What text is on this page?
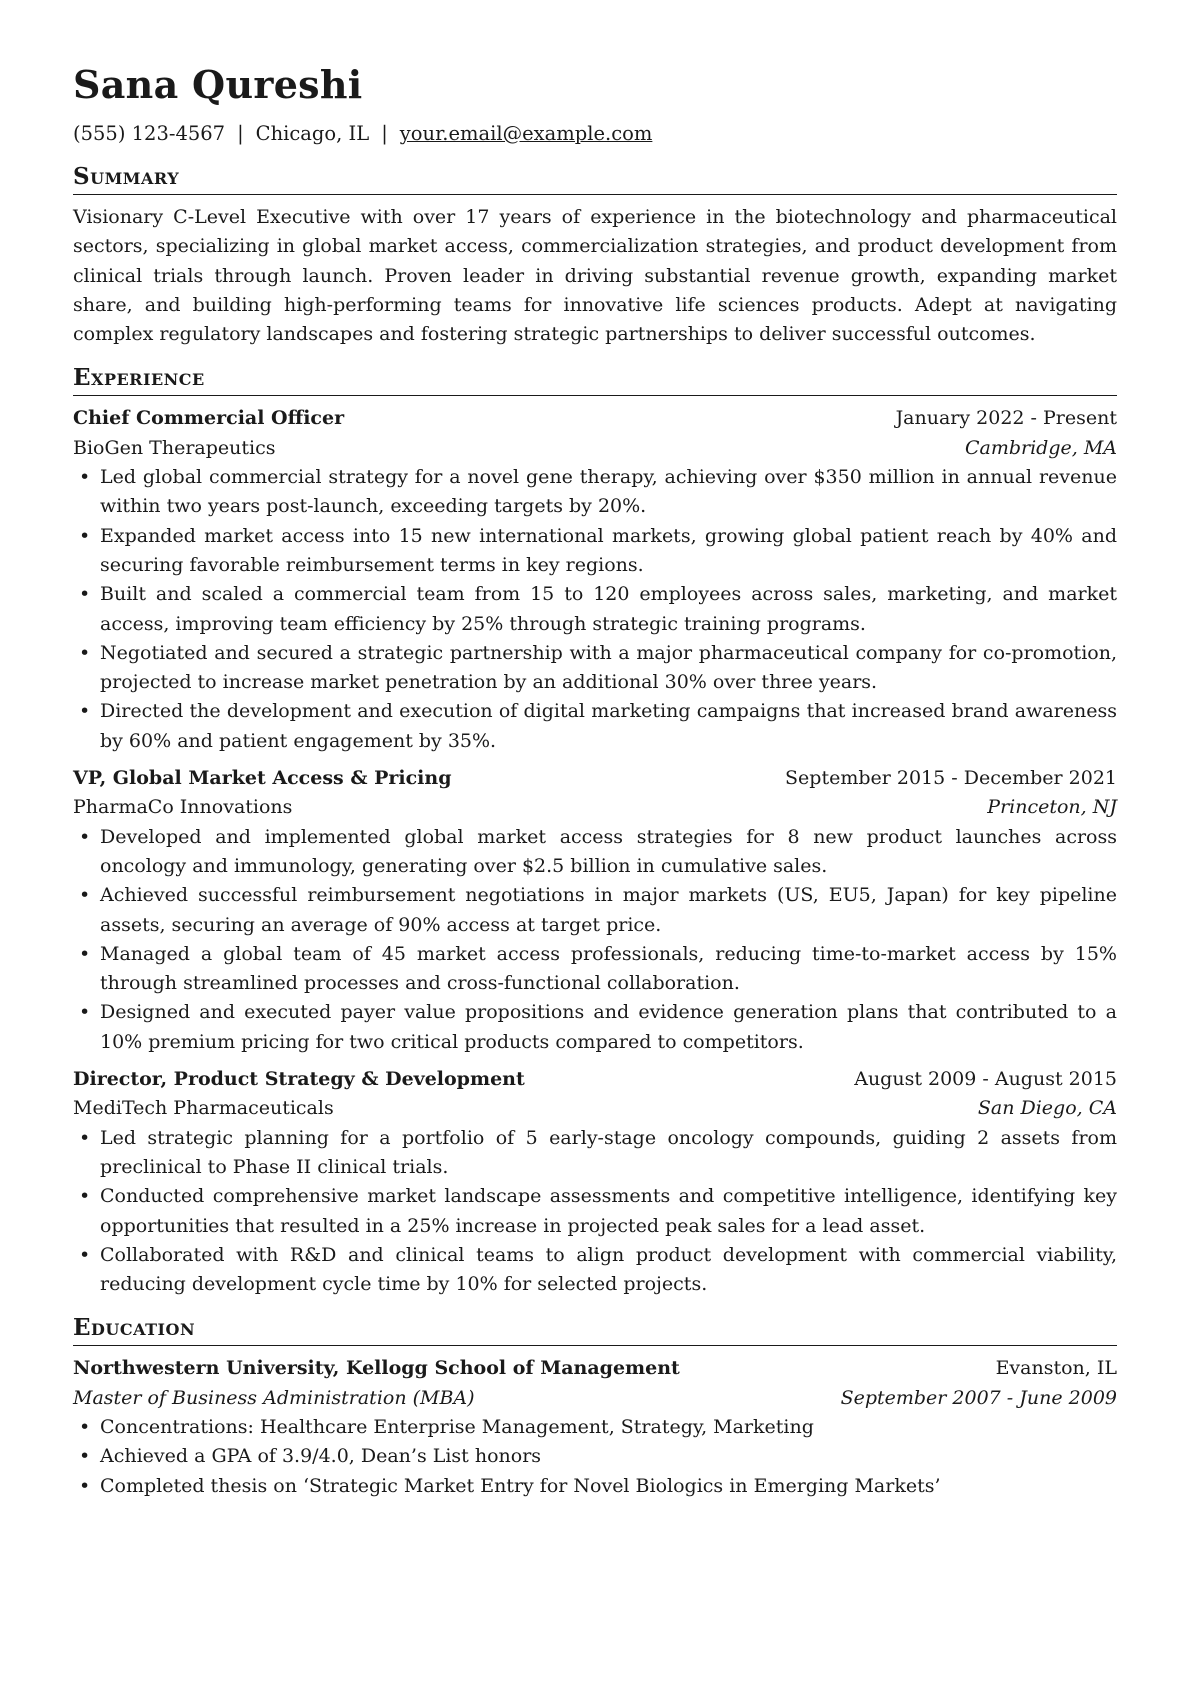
Sana Qureshi
(555) 123-4567 | Chicago, IL | your.email@example.com
Summary

Visionary C-Level Executive with over 17 years of experience in the biotechnology and pharmaceutical sectors, specializing in global market access, commercialization strategies, and product development from clinical trials through launch. Proven leader in driving substantial revenue growth, expanding market share, and building high-performing teams for innovative life sciences products. Adept at navigating complex regulatory landscapes and fostering strategic partnerships to deliver successful outcomes.

Experience
Chief Commercial Officer	January 2022 - Present
BioGen Therapeutics	Cambridge, MA
• Led global commercial strategy for a novel gene therapy, achieving over $350 million in annual revenue within two years post-launch, exceeding targets by 20%.
• Expanded market access into 15 new international markets, growing global patient reach by 40% and securing favorable reimbursement terms in key regions.
• Built and scaled a commercial team from 15 to 120 employees across sales, marketing, and market access, improving team efficiency by 25% through strategic training programs.
• Negotiated and secured a strategic partnership with a major pharmaceutical company for co-promotion, projected to increase market penetration by an additional 30% over three years.
• Directed the development and execution of digital marketing campaigns that increased brand awareness by 60% and patient engagement by 35%.
VP, Global Market Access & Pricing	September 2015 - December 2021
PharmaCo Innovations	Princeton, NJ
• Developed and implemented global market access strategies for 8 new product launches across oncology and immunology, generating over $2.5 billion in cumulative sales.
• Achieved successful reimbursement negotiations in major markets (US, EU5, Japan) for key pipeline assets, securing an average of 90% access at target price.
• Managed a global team of 45 market access professionals, reducing time-to-market access by 15% through streamlined processes and cross-functional collaboration.
• Designed and executed payer value propositions and evidence generation plans that contributed to a 10% premium pricing for two critical products compared to competitors.
Director, Product Strategy & Development	August 2009 - August 2015
MediTech Pharmaceuticals	San Diego, CA
• Led strategic planning for a portfolio of 5 early-stage oncology compounds, guiding 2 assets from preclinical to Phase II clinical trials.
• Conducted comprehensive market landscape assessments and competitive intelligence, identifying key opportunities that resulted in a 25% increase in projected peak sales for a lead asset.
• Collaborated with R&D and clinical teams to align product development with commercial viability, reducing development cycle time by 10% for selected projects.
Education
Northwestern University, Kellogg School of Management	Evanston, IL
Master of Business Administration (MBA)	September 2007 - June 2009
• Concentrations: Healthcare Enterprise Management, Strategy, Marketing
• Achieved a GPA of 3.9/4.0, Dean’s List honors
• Completed thesis on ‘Strategic Market Entry for Novel Biologics in Emerging Markets’
